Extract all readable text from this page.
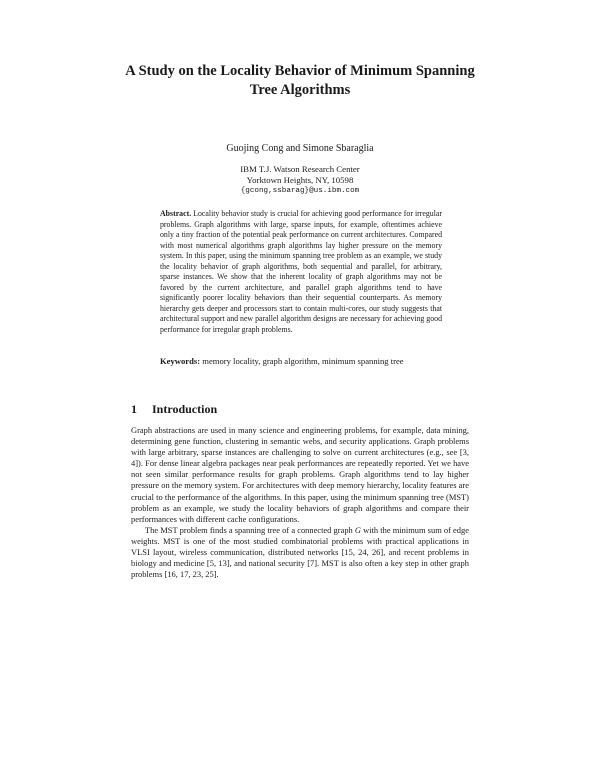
A Study on the Locality Behavior of Minimum Spanning Tree Algorithms
Guojing Cong and Simone Sbaraglia
IBM T.J. Watson Research Center
Yorktown Heights, NY, 10598
{gcong,ssbarag}@us.ibm.com
Abstract. Locality behavior study is crucial for achieving good performance for irregular problems. Graph algorithms with large, sparse inputs, for example, oftentimes achieve only a tiny fraction of the potential peak performance on current architectures. Compared with most numerical algorithms graph algorithms lay higher pressure on the memory system. In this paper, using the minimum spanning tree problem as an example, we study the locality behavior of graph algorithms, both sequential and parallel, for arbitrary, sparse instances. We show that the inherent locality of graph algorithms may not be favored by the current architecture, and parallel graph algorithms tend to have significantly poorer locality behaviors than their sequential counterparts. As memory hierarchy gets deeper and processors start to contain multi-cores, our study suggests that architectural support and new parallel algorithm designs are necessary for achieving good performance for irregular graph problems.
Keywords: memory locality, graph algorithm, minimum spanning tree
1 Introduction

Graph abstractions are used in many science and engineering problems, for example, data mining, determining gene function, clustering in semantic webs, and security applications. Graph problems with large arbitrary, sparse instances are challenging to solve on current architectures (e.g., see [3, 4]). For dense linear algebra packages near peak performances are repeatedly reported. Yet we have not seen similar performance results for graph problems. Graph algorithms tend to lay higher pressure on the memory system. For architectures with deep memory hierarchy, locality features are crucial to the performance of the algorithms. In this paper, using the minimum spanning tree (MST) problem as an example, we study the locality behaviors of graph algorithms and compare their performances with different cache configurations.

The MST problem finds a spanning tree of a connected graph G with the minimum sum of edge weights. MST is one of the most studied combinatorial problems with practical applications in VLSI layout, wireless communication, distributed networks [15, 24, 26], and recent problems in biology and medicine [5, 13], and national security [7]. MST is also often a key step in other graph problems [16, 17, 23, 25].
